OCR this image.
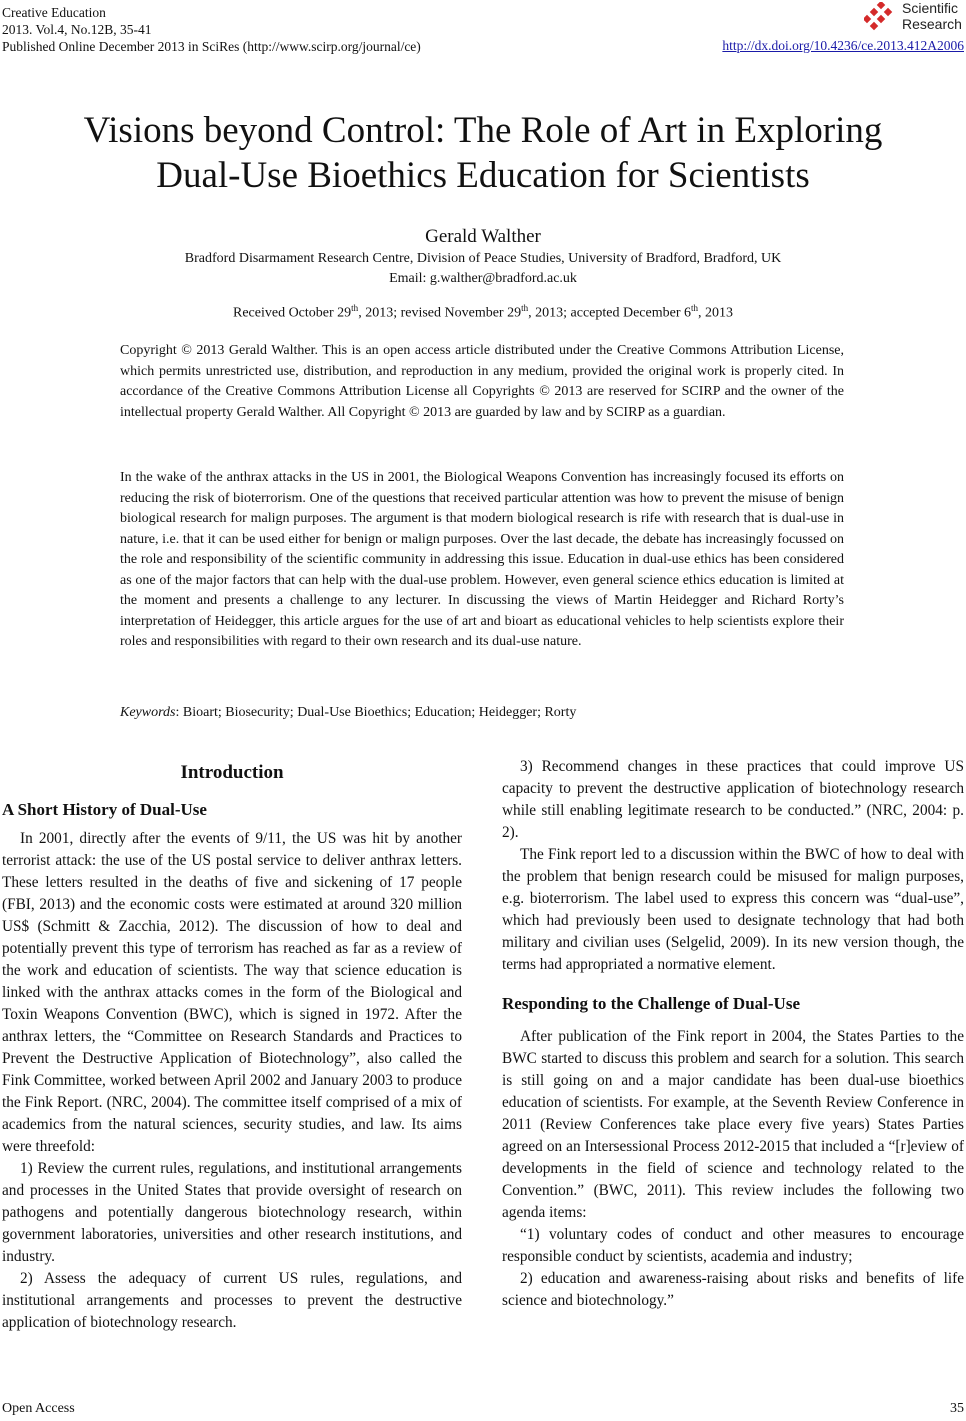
Creative Education
2013. Vol.4, No.12B, 35-41
Published Online December 2013 in SciRes (http://www.scirp.org/journal/ce)
Scientific
Research
http://dx.doi.org/10.4236/ce.2013.412A2006
Visions beyond Control: The Role of Art in Exploring
Dual-Use Bioethics Education for Scientists
Gerald Walther
Bradford Disarmament Research Centre, Division of Peace Studies, University of Bradford, Bradford, UK
Email: g.walther@bradford.ac.uk
Received October 29th, 2013; revised November 29th, 2013; accepted December 6th, 2013
Copyright © 2013 Gerald Walther. This is an open access article distributed under the Creative Commons Attribution License, which permits unrestricted use, distribution, and reproduction in any medium, provided the original work is properly cited. In accordance of the Creative Commons Attribution License all Copyrights © 2013 are reserved for SCIRP and the owner of the intellectual property Gerald Walther. All Copyright © 2013 are guarded by law and by SCIRP as a guardian.
In the wake of the anthrax attacks in the US in 2001, the Biological Weapons Convention has increasingly focused its efforts on reducing the risk of bioterrorism. One of the questions that received particular attention was how to prevent the misuse of benign biological research for malign purposes. The argument is that modern biological research is rife with research that is dual-use in nature, i.e. that it can be used either for benign or malign purposes. Over the last decade, the debate has increasingly focussed on the role and responsibility of the scientific community in addressing this issue. Education in dual-use ethics has been considered as one of the major factors that can help with the dual-use problem. However, even general science ethics education is limited at the moment and presents a challenge to any lecturer. In discussing the views of Martin Heidegger and Richard Rorty’s interpretation of Heidegger, this article argues for the use of art and bioart as educational vehicles to help scientists explore their roles and responsibilities with regard to their own research and its dual-use nature.
Keywords: Bioart; Biosecurity; Dual-Use Bioethics; Education; Heidegger; Rorty
Introduction
A Short History of Dual-Use

In 2001, directly after the events of 9/11, the US was hit by another terrorist attack: the use of the US postal service to deliver anthrax letters. These letters resulted in the deaths of five and sickening of 17 people (FBI, 2013) and the economic costs were estimated at around 320 million US$ (Schmitt & Zacchia, 2012). The discussion of how to deal and potentially prevent this type of terrorism has reached as far as a review of the work and education of scientists. The way that science education is linked with the anthrax attacks comes in the form of the Biological and Toxin Weapons Convention (BWC), which is signed in 1972. After the anthrax letters, the “Committee on Research Standards and Practices to Prevent the Destructive Application of Biotechnology”, also called the Fink Committee, worked between April 2002 and January 2003 to produce the Fink Report. (NRC, 2004). The committee itself comprised of a mix of academics from the natural sciences, security studies, and law. Its aims were threefold:

1) Review the current rules, regulations, and institutional arrangements and processes in the United States that provide oversight of research on pathogens and potentially dangerous biotechnology research, within government laboratories, universities and other research institutions, and industry.

2) Assess the adequacy of current US rules, regulations, and institutional arrangements and processes to prevent the destructive application of biotechnology research.

3) Recommend changes in these practices that could improve US capacity to prevent the destructive application of biotechnology research while still enabling legitimate research to be conducted.” (NRC, 2004: p. 2).

The Fink report led to a discussion within the BWC of how to deal with the problem that benign research could be misused for malign purposes, e.g. bioterrorism. The label used to express this concern was “dual-use”, which had previously been used to designate technology that had both military and civilian uses (Selgelid, 2009). In its new version though, the terms had appropriated a normative element.

Responding to the Challenge of Dual-Use

After publication of the Fink report in 2004, the States Parties to the BWC started to discuss this problem and search for a solution. This search is still going on and a major candidate has been dual-use bioethics education of scientists. For example, at the Seventh Review Conference in 2011 (Review Conferences take place every five years) States Parties agreed on an Intersessional Process 2012-2015 that included a “[r]eview of developments in the field of science and technology related to the Convention.” (BWC, 2011). This review includes the following two agenda items:

“1) voluntary codes of conduct and other measures to encourage responsible conduct by scientists, academia and industry;

2) education and awareness-raising about risks and benefits of life science and biotechnology.”

Open Access	35
